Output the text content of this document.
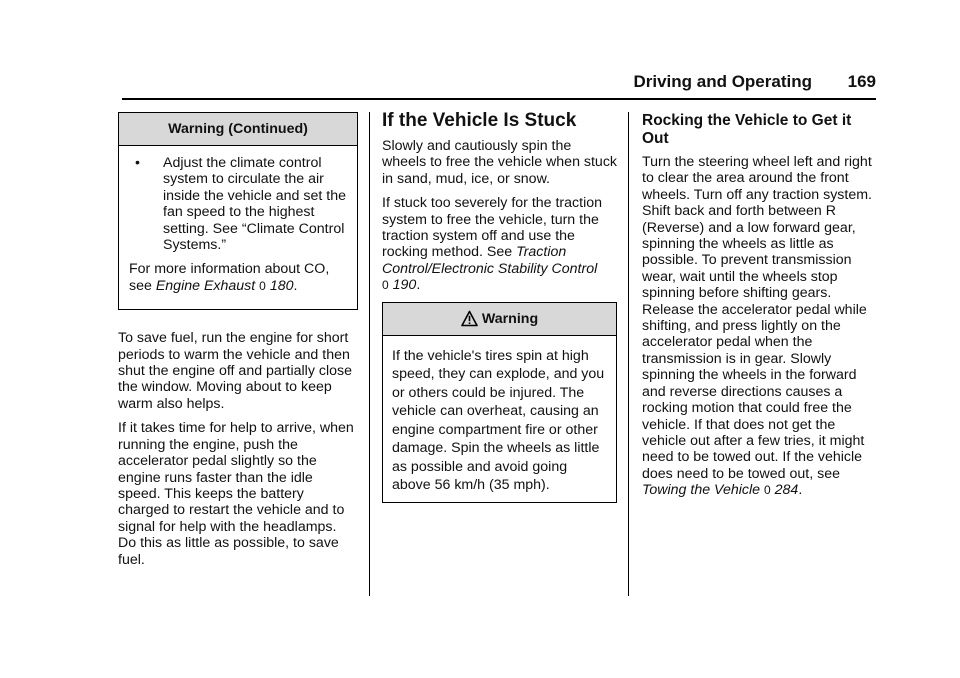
Driving and Operating 169
Warning (Continued)
•	Adjust the climate control system to circulate the air inside the vehicle and set the fan speed to the highest setting. See “Climate Control Systems.”

For more information about CO, see Engine Exhaust 0 180.

To save fuel, run the engine for short periods to warm the vehicle and then shut the engine off and partially close the window. Moving about to keep warm also helps.

If it takes time for help to arrive, when running the engine, push the accelerator pedal slightly so the engine runs faster than the idle speed. This keeps the battery charged to restart the vehicle and to signal for help with the headlamps. Do this as little as possible, to save fuel.

If the Vehicle Is Stuck

Slowly and cautiously spin the wheels to free the vehicle when stuck in sand, mud, ice, or snow.

If stuck too severely for the traction system to free the vehicle, turn the traction system off and use the rocking method. See Traction Control/Electronic Stability Control
0 190.

Warning
If the vehicle's tires spin at high speed, they can explode, and you or others could be injured. The vehicle can overheat, causing an engine compartment fire or other damage. Spin the wheels as little as possible and avoid going above 56 km/h (35 mph).
Rocking the Vehicle to Get it Out

Turn the steering wheel left and right to clear the area around the front wheels. Turn off any traction system. Shift back and forth between R (Reverse) and a low forward gear, spinning the wheels as little as possible. To prevent transmission wear, wait until the wheels stop spinning before shifting gears. Release the accelerator pedal while shifting, and press lightly on the accelerator pedal when the transmission is in gear. Slowly spinning the wheels in the forward and reverse directions causes a rocking motion that could free the vehicle. If that does not get the vehicle out after a few tries, it might need to be towed out. If the vehicle does need to be towed out, see Towing the Vehicle 0 284.
